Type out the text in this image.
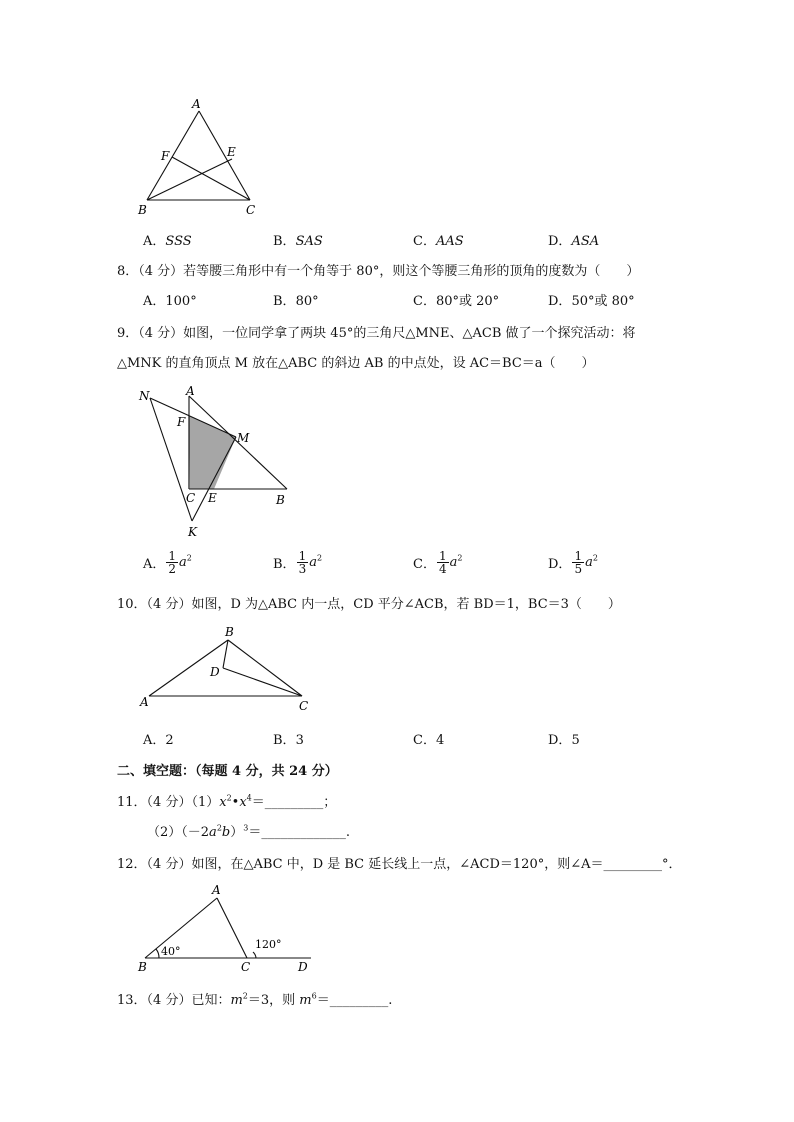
A
F	E
B	C
A．SSS	B．SAS	C．AAS	D．ASA
8．（4 分）若等腰三角形中有一个角等于 80°，则这个等腰三角形的顶角的度数为（　　）
A．100°	B．80°	C．80°或 20°	D．50°或 80°
9．（4 分）如图，一位同学拿了两块 45°的三角尺△MNE、△ACB 做了一个探究活动：将
△MNK 的直角顶点 M 放在△ABC 的斜边 AB 的中点处，设 AC＝BC＝a（　　）
N	A
F
M
C E	B
K
A． $\frac{1}{2} a^2$	B． $\frac{1}{3} a^2$	C． $\frac{1}{4} a^2$	D． $\frac{1}{5} a^2$
10．（4 分）如图，D 为△ABC 内一点，CD 平分∠ACB，若 BD＝1，BC＝3（　　）
B
D
A	C
A．2	B．3	C．4	D．5
二、填空题：（每题 4 分，共 24 分）
11．（4 分）$(1)x^2•x^4=\_\_\_\_\_\_\_\_\_$；
$(2)(-2a^2b)^3=\_\_\_\_\_\_\_\_\_\_\_\_\_$.
12．（4 分）如图，在△ABC 中，D 是 BC 延长线上一点，∠ACD＝120°，则∠A＝_________°．
A
40°
120°
B	C	D
13．（4 分）已知：$m^2=3$，则 $m^6=\_\_\_\_\_\_\_\_\_$.
